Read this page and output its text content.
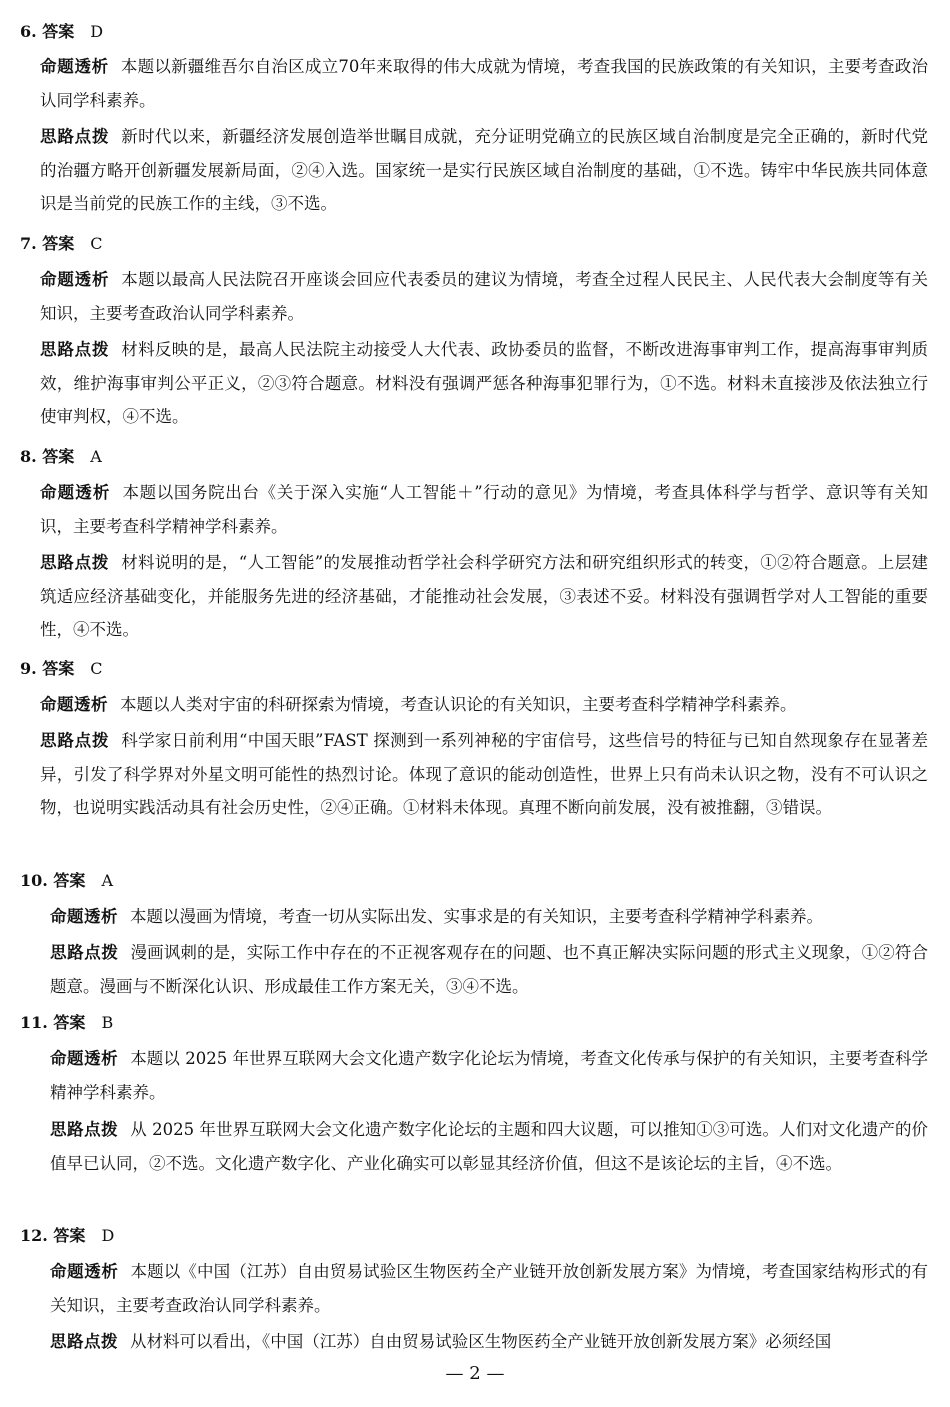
6. 答案 D
命题透析 本题以新疆维吾尔自治区成立70年来取得的伟大成就为情境，考查我国的民族政策的有关知识，主要考查政治认同学科素养。
思路点拨 新时代以来，新疆经济发展创造举世瞩目成就，充分证明党确立的民族区域自治制度是完全正确的，新时代党的治疆方略开创新疆发展新局面，②④入选。国家统一是实行民族区域自治制度的基础，①不选。铸牢中华民族共同体意识是当前党的民族工作的主线，③不选。
7. 答案 C
命题透析 本题以最高人民法院召开座谈会回应代表委员的建议为情境，考查全过程人民民主、人民代表大会制度等有关知识，主要考查政治认同学科素养。
思路点拨 材料反映的是，最高人民法院主动接受人大代表、政协委员的监督，不断改进海事审判工作，提高海事审判质效，维护海事审判公平正义，②③符合题意。材料没有强调严惩各种海事犯罪行为，①不选。材料未直接涉及依法独立行使审判权，④不选。
8. 答案 A
命题透析 本题以国务院出台《关于深入实施“人工智能＋”行动的意见》为情境，考查具体科学与哲学、意识等有关知识，主要考查科学精神学科素养。
思路点拨 材料说明的是，“人工智能”的发展推动哲学社会科学研究方法和研究组织形式的转变，①②符合题意。上层建筑适应经济基础变化，并能服务先进的经济基础，才能推动社会发展，③表述不妥。材料没有强调哲学对人工智能的重要性，④不选。
9. 答案 C
命题透析 本题以人类对宇宙的科研探索为情境，考查认识论的有关知识，主要考查科学精神学科素养。
思路点拨 科学家日前利用“中国天眼”FAST 探测到一系列神秘的宇宙信号，这些信号的特征与已知自然现象存在显著差异，引发了科学界对外星文明可能性的热烈讨论。体现了意识的能动创造性，世界上只有尚未认识之物，没有不可认识之物，也说明实践活动具有社会历史性，②④正确。①材料未体现。真理不断向前发展，没有被推翻，③错误。
10. 答案 A
命题透析 本题以漫画为情境，考查一切从实际出发、实事求是的有关知识，主要考查科学精神学科素养。
思路点拨 漫画讽刺的是，实际工作中存在的不正视客观存在的问题、也不真正解决实际问题的形式主义现象，①②符合题意。漫画与不断深化认识、形成最佳工作方案无关，③④不选。
11. 答案 B
命题透析 本题以 2025 年世界互联网大会文化遗产数字化论坛为情境，考查文化传承与保护的有关知识，主要考查科学精神学科素养。
思路点拨 从 2025 年世界互联网大会文化遗产数字化论坛的主题和四大议题，可以推知①③可选。人们对文化遗产的价值早已认同，②不选。文化遗产数字化、产业化确实可以彰显其经济价值，但这不是该论坛的主旨，④不选。
12. 答案 D
命题透析 本题以《中国（江苏）自由贸易试验区生物医药全产业链开放创新发展方案》为情境，考查国家结构形式的有关知识，主要考查政治认同学科素养。
思路点拨 从材料可以看出，《中国（江苏）自由贸易试验区生物医药全产业链开放创新发展方案》必须经国
— 2 —
